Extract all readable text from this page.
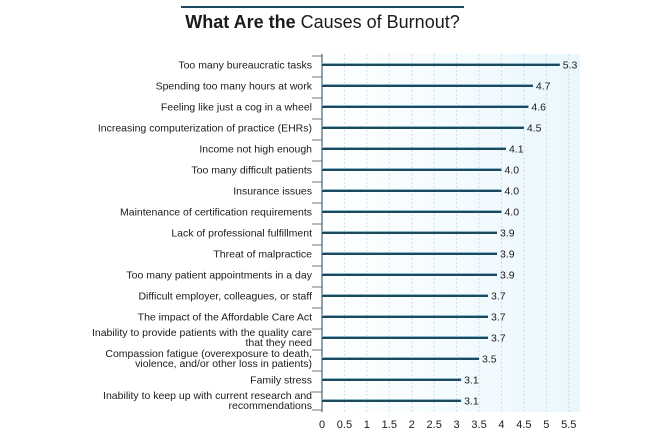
What Are the Causes of Burnout?
0 0.5 1 1.5 2 2.5 3 3.5 4 4.5 5 5.5
5.3
Too many bureaucratic tasks
4.7
Spending too many hours at work
4.6
Feeling like just a cog in a wheel
4.5
Increasing computerization of practice (EHRs)
4.1
Income not high enough
4.0
Too many difficult patients
4.0
Insurance issues
4.0
Maintenance of certification requirements
3.9
Lack of professional fulfillment
3.9
Threat of malpractice
3.9
Too many patient appointments in a day
3.7
Difficult employer, colleagues, or staff
3.7
The impact of the Affordable Care Act
3.7
Inability to provide patients with the quality care that they need
3.5
Compassion fatigue (overexposure to death, violence, and/or other loss in patients)
3.1
Family stress
3.1
Inability to keep up with current research and recommendations
